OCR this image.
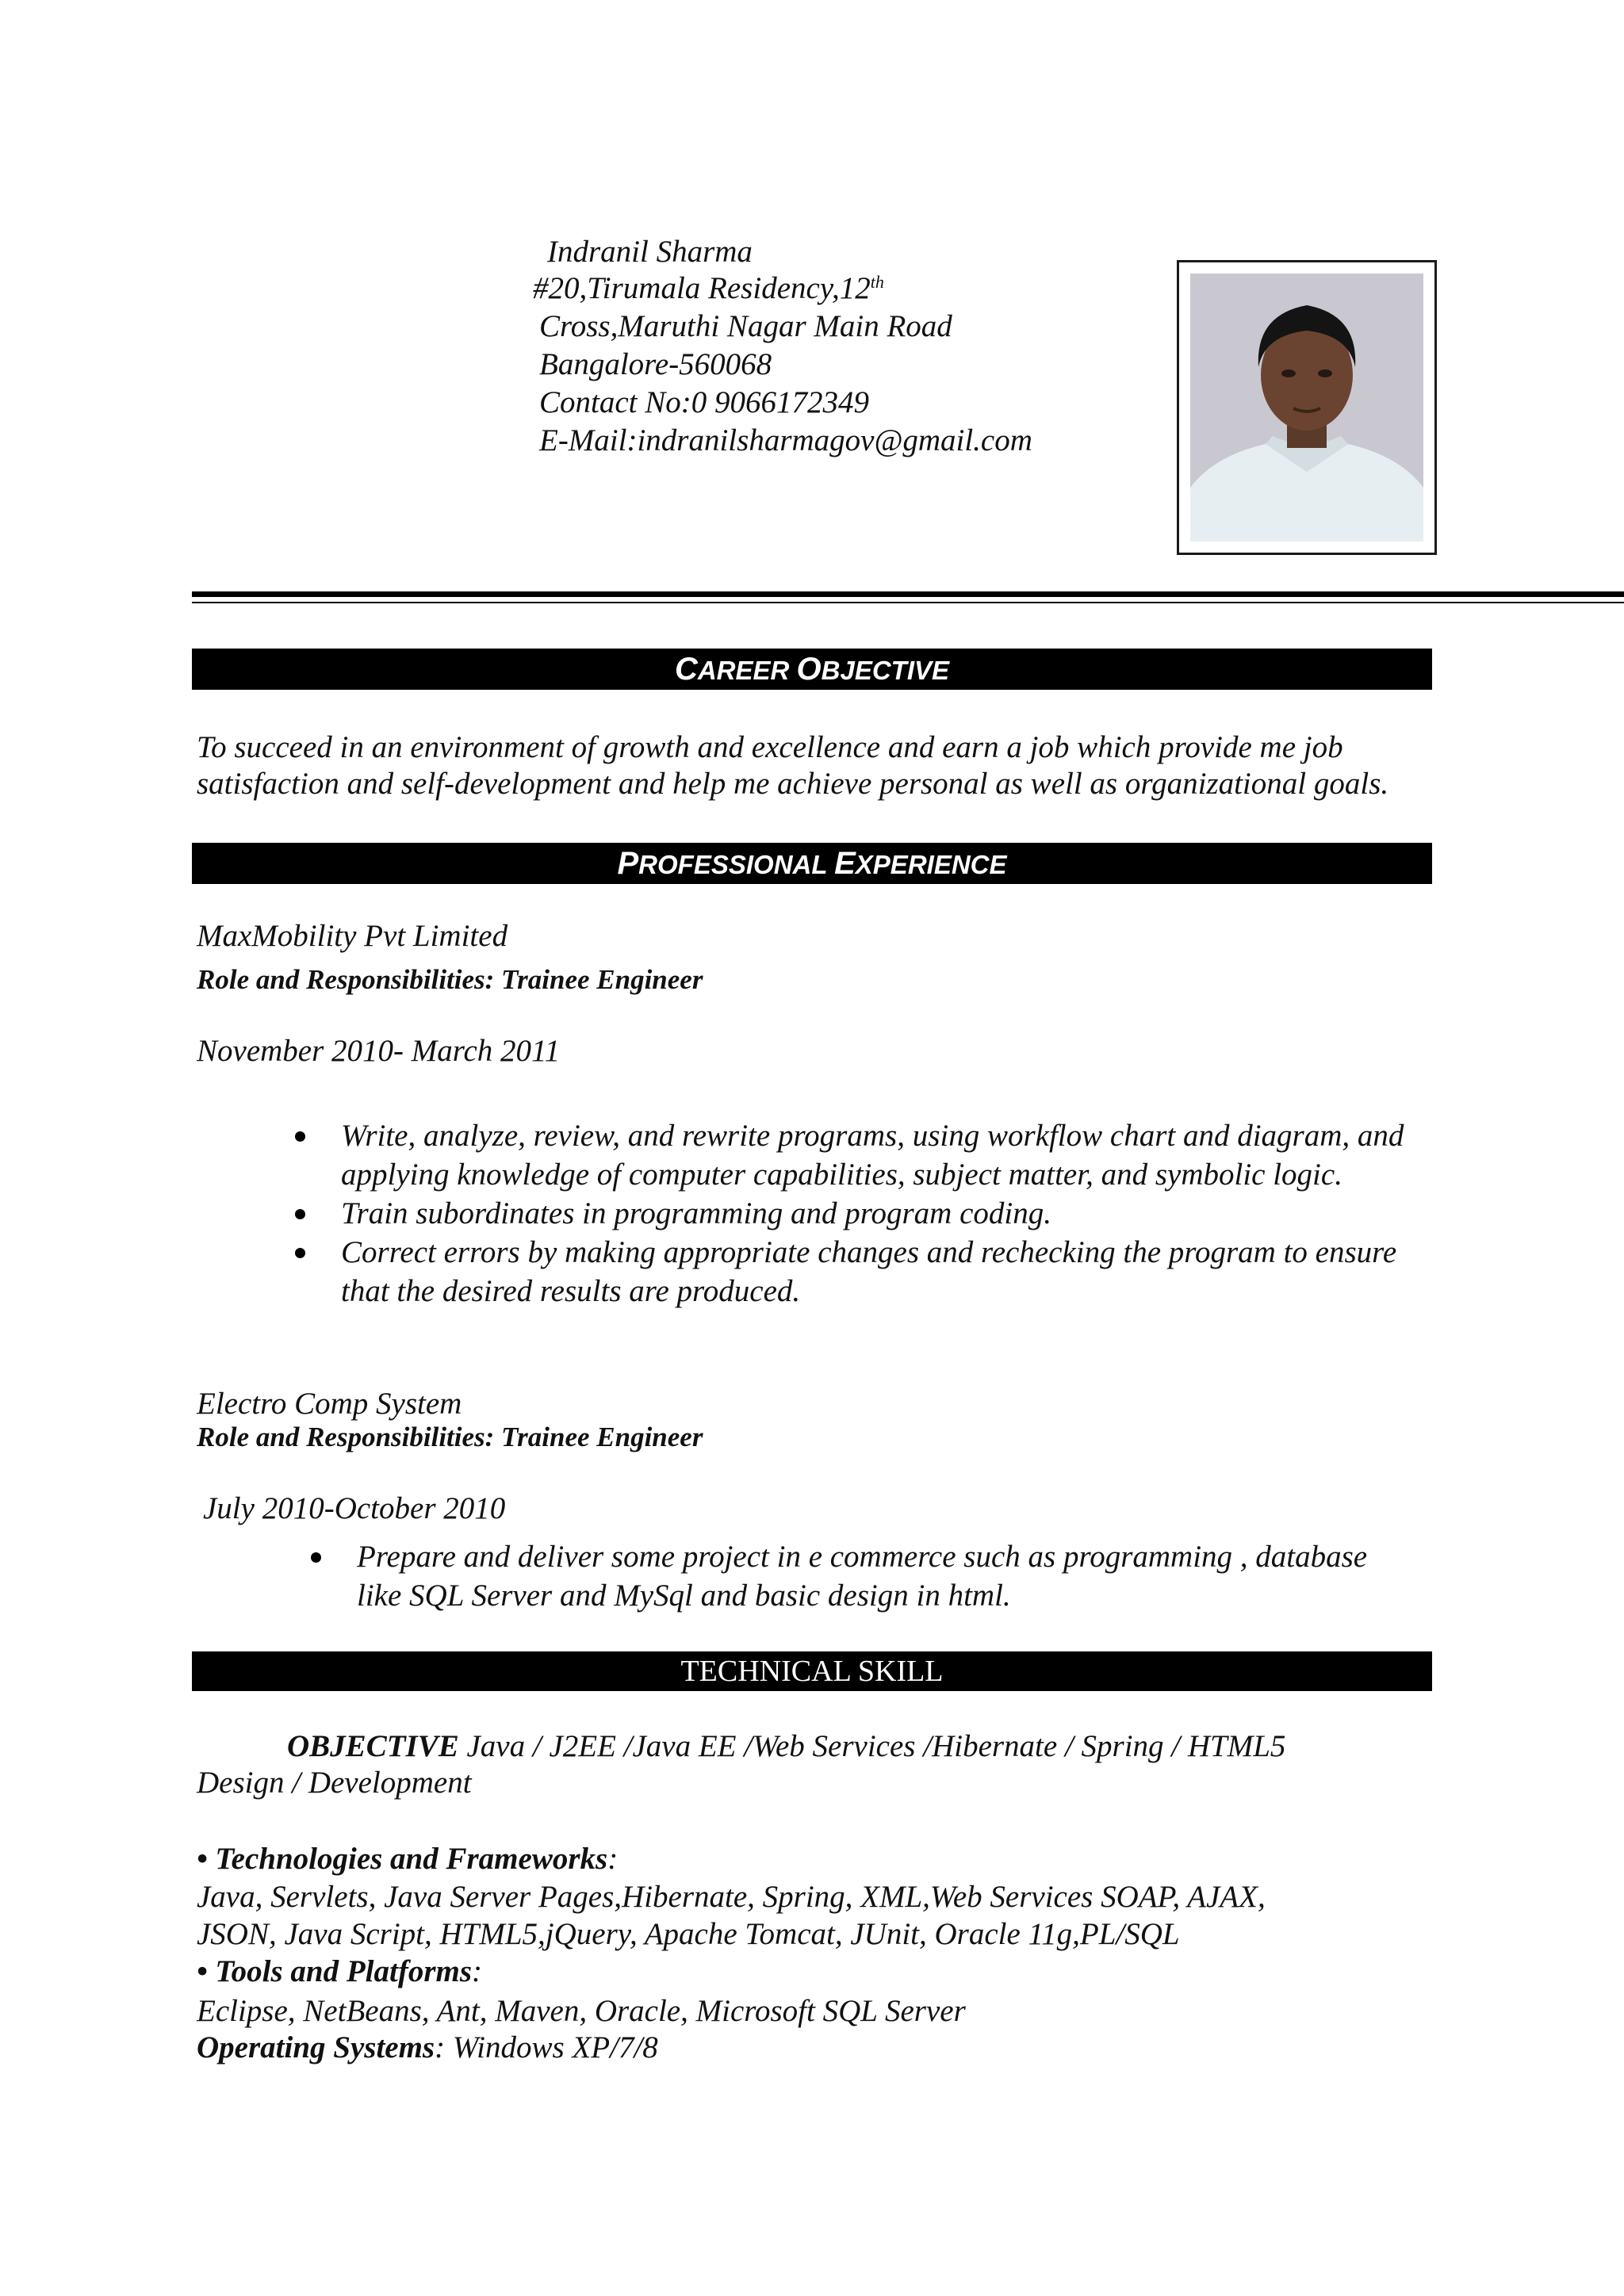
Indranil Sharma
#20,Tirumala Residency,12th
Cross,Maruthi Nagar Main Road
Bangalore-560068
Contact No:0 9066172349
E-Mail:indranilsharmagov@gmail.com
CAREER OBJECTIVE
To succeed in an environment of growth and excellence and earn a job which provide me job satisfaction and self-development and help me achieve personal as well as organizational goals.
PROFESSIONAL EXPERIENCE
MaxMobility Pvt Limited
Role and Responsibilities: Trainee Engineer
November 2010- March 2011
Write, analyze, review, and rewrite programs, using workflow chart and diagram, and applying knowledge of computer capabilities, subject matter, and symbolic logic.
Train subordinates in programming and program coding.
Correct errors by making appropriate changes and rechecking the program to ensure that the desired results are produced.
Electro Comp System
Role and Responsibilities: Trainee Engineer
July 2010-October 2010
Prepare and deliver some project in e commerce such as programming , database like SQL Server and MySql and basic design in html.
TECHNICAL SKILL
OBJECTIVE Java / J2EE /Java EE /Web Services /Hibernate / Spring / HTML5
Design / Development
• Technologies and Frameworks:
Java, Servlets, Java Server Pages,Hibernate, Spring, XML,Web Services SOAP, AJAX,
JSON, Java Script, HTML5,jQuery, Apache Tomcat, JUnit, Oracle 11g,PL/SQL
• Tools and Platforms:
Eclipse, NetBeans, Ant, Maven, Oracle, Microsoft SQL Server
Operating Systems: Windows XP/7/8
